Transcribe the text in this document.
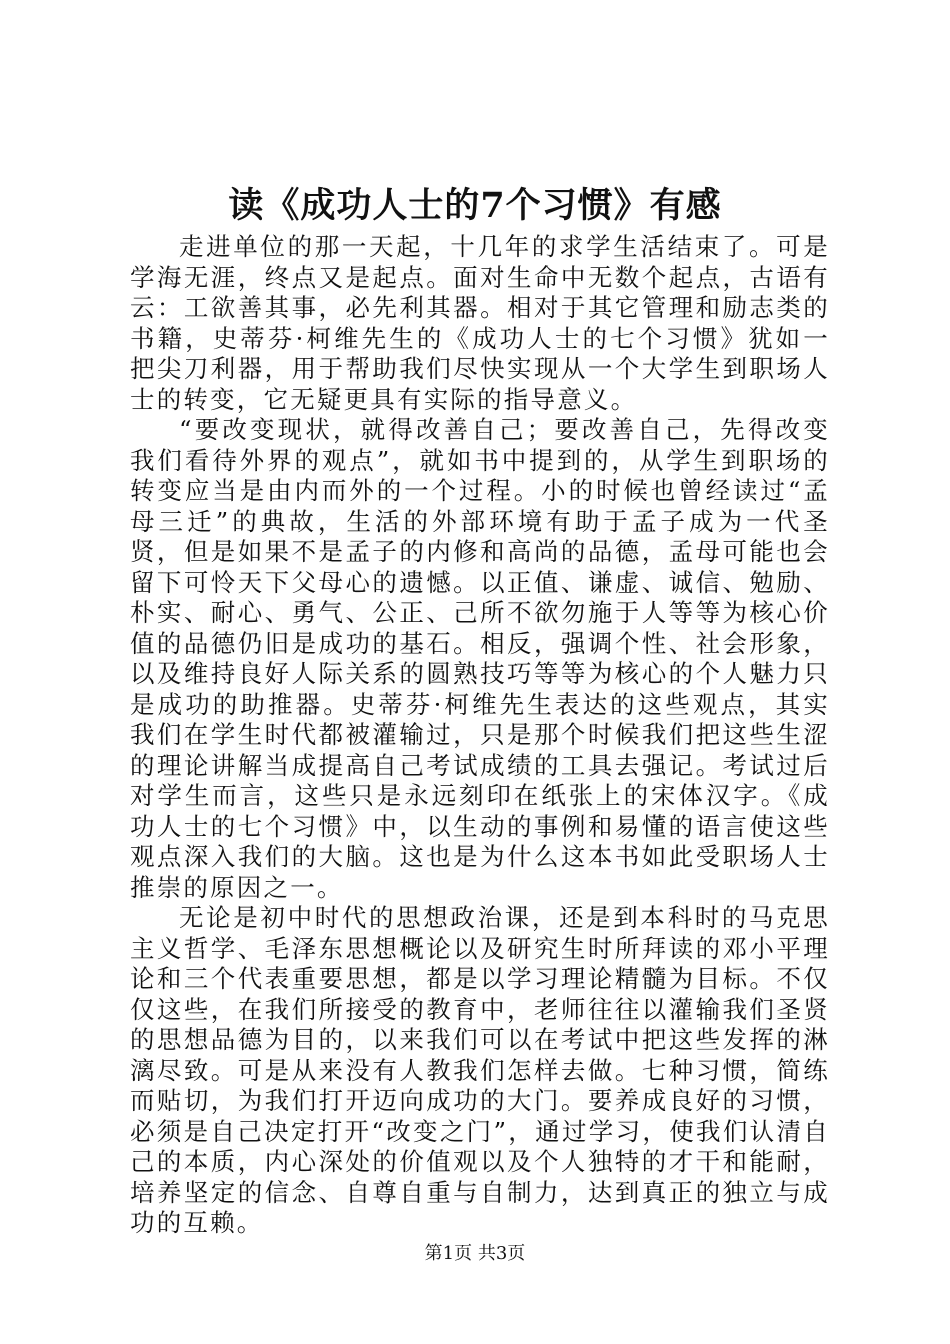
读《成功人士的7个习惯》有感

走进单位的那一天起，十几年的求学生活结束了。可是学海无涯，终点又是起点。面对生命中无数个起点，古语有云：工欲善其事，必先利其器。相对于其它管理和励志类的书籍，史蒂芬·柯维先生的《成功人士的七个习惯》犹如一把尖刀利器，用于帮助我们尽快实现从一个大学生到职场人士的转变，它无疑更具有实际的指导意义。

“要改变现状，就得改善自己；要改善自己，先得改变我们看待外界的观点”，就如书中提到的，从学生到职场的转变应当是由内而外的一个过程。小的时候也曾经读过“孟母三迁”的典故，生活的外部环境有助于孟子成为一代圣贤，但是如果不是孟子的内修和高尚的品德，孟母可能也会留下可怜天下父母心的遗憾。以正值、谦虚、诚信、勉励、朴实、耐心、勇气、公正、己所不欲勿施于人等等为核心价值的品德仍旧是成功的基石。相反，强调个性、社会形象，以及维持良好人际关系的圆熟技巧等等为核心的个人魅力只是成功的助推器。史蒂芬·柯维先生表达的这些观点，其实我们在学生时代都被灌输过，只是那个时候我们把这些生涩的理论讲解当成提高自己考试成绩的工具去强记。考试过后对学生而言，这些只是永远刻印在纸张上的宋体汉字。《成功人士的七个习惯》中，以生动的事例和易懂的语言使这些观点深入我们的大脑。这也是为什么这本书如此受职场人士推崇的原因之一。

无论是初中时代的思想政治课，还是到本科时的马克思主义哲学、毛泽东思想概论以及研究生时所拜读的邓小平理论和三个代表重要思想，都是以学习理论精髓为目标。不仅仅这些，在我们所接受的教育中，老师往往以灌输我们圣贤的思想品德为目的，以来我们可以在考试中把这些发挥的淋漓尽致。可是从来没有人教我们怎样去做。七种习惯，简练而贴切，为我们打开迈向成功的大门。要养成良好的习惯，必须是自己决定打开“改变之门”，通过学习，使我们认清自己的本质，内心深处的价值观以及个人独特的才干和能耐，培养坚定的信念、自尊自重与自制力，达到真正的独立与成功的互赖。

第1页 共3页
